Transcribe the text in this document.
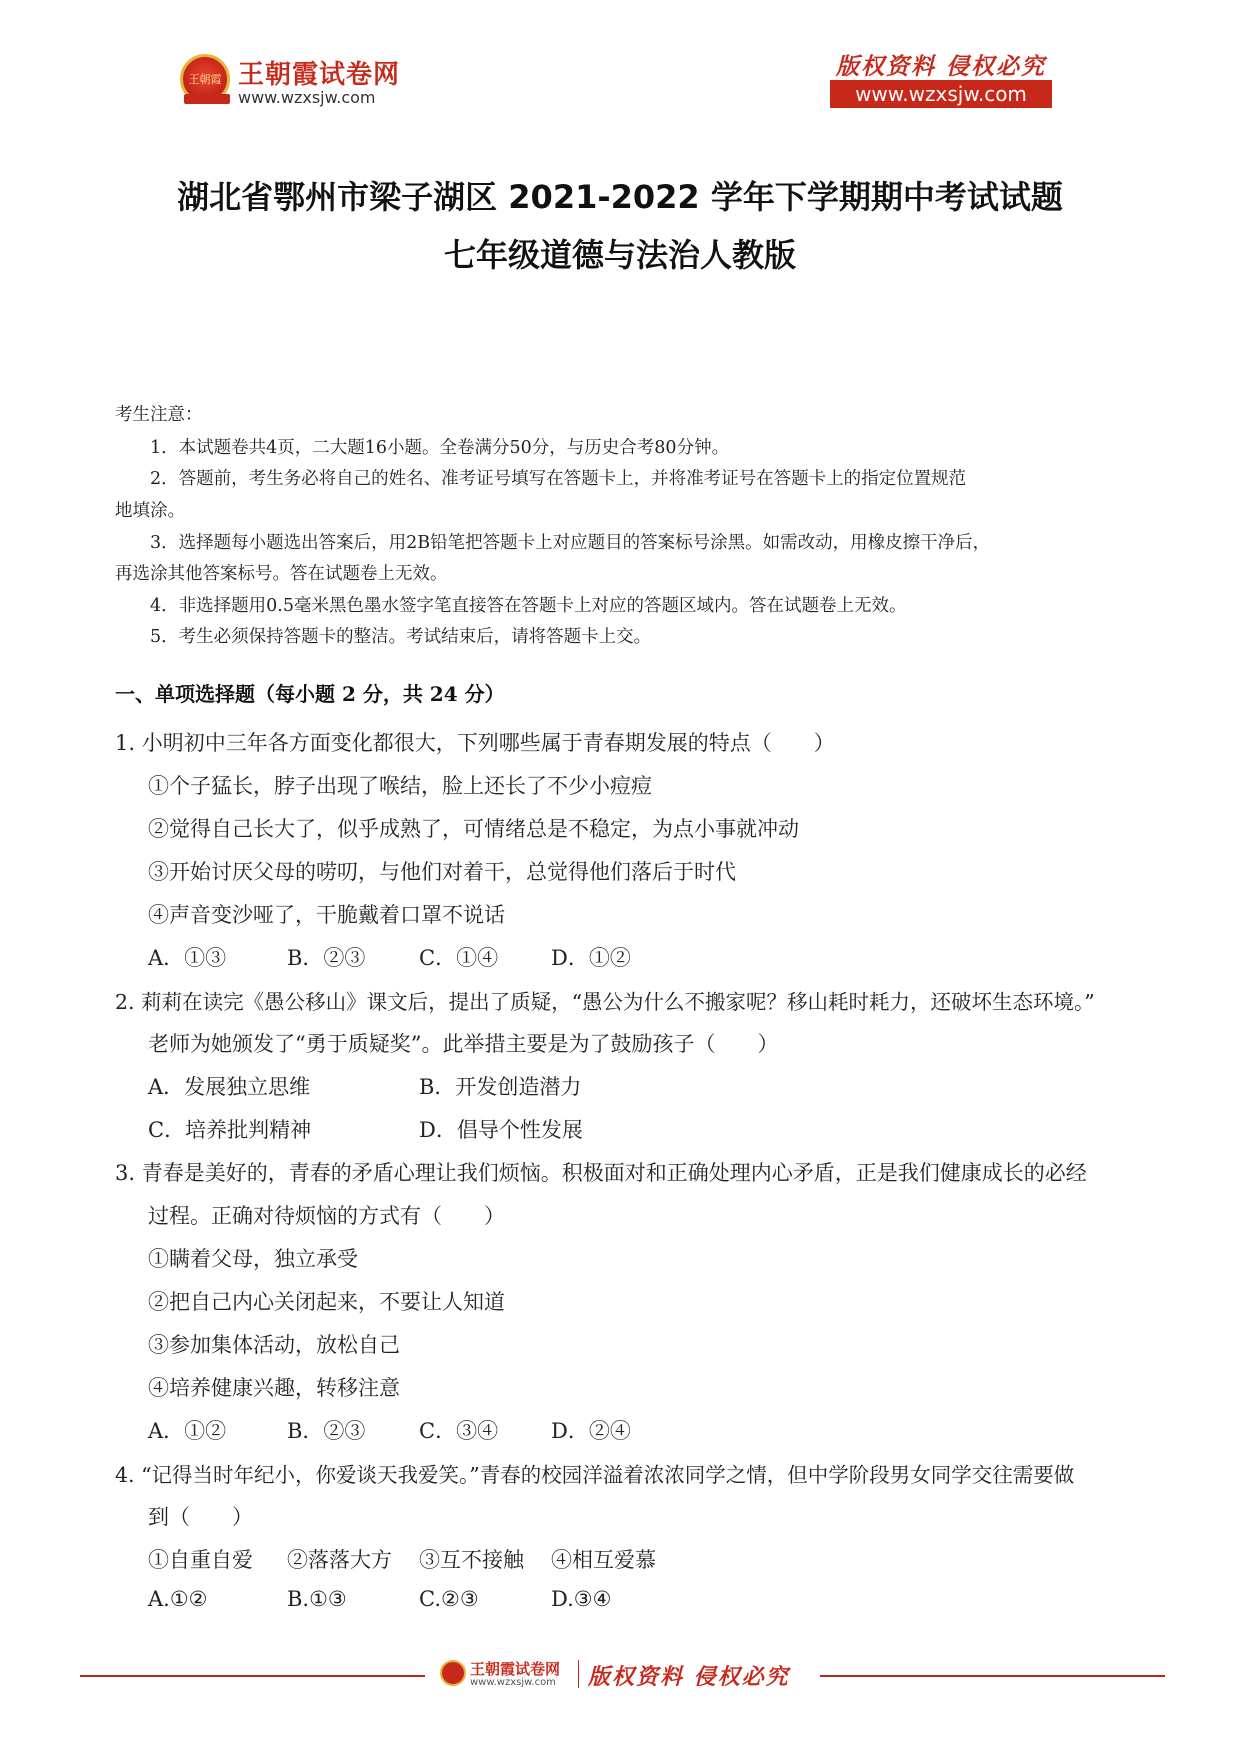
王朝霞 王朝霞试卷网
www.wzxsjw.com
版权资料 侵权必究
www.wzxsjw.com
湖北省鄂州市梁子湖区 2021-2022 学年下学期期中考试试题
七年级道德与法治人教版
考生注意：
1．本试题卷共4页，二大题16小题。全卷满分50分，与历史合考80分钟。
2．答题前，考生务必将自己的姓名、准考证号填写在答题卡上，并将准考证号在答题卡上的指定位置规范
地填涂。
3．选择题每小题选出答案后，用2B铅笔把答题卡上对应题目的答案标号涂黑。如需改动，用橡皮擦干净后，
再选涂其他答案标号。答在试题卷上无效。
4．非选择题用0.5毫米黑色墨水签字笔直接答在答题卡上对应的答题区域内。答在试题卷上无效。
5．考生必须保持答题卡的整洁。考试结束后，请将答题卡上交。
一、单项选择题（每小题 2 分，共 24 分）
1. 小明初中三年各方面变化都很大，下列哪些属于青春期发展的特点（　　）
①个子猛长，脖子出现了喉结，脸上还长了不少小痘痘
②觉得自己长大了，似乎成熟了，可情绪总是不稳定，为点小事就冲动
③开始讨厌父母的唠叨，与他们对着干，总觉得他们落后于时代
④声音变沙哑了，干脆戴着口罩不说话
A．①③	B．②③	C．①④	D．①②
2. 莉莉在读完《愚公移山》课文后，提出了质疑，“愚公为什么不搬家呢？移山耗时耗力，还破坏生态环境。”
老师为她颁发了“勇于质疑奖”。此举措主要是为了鼓励孩子（　　）
A．发展独立思维	B．开发创造潜力
C．培养批判精神	D．倡导个性发展
3. 青春是美好的，青春的矛盾心理让我们烦恼。积极面对和正确处理内心矛盾，正是我们健康成长的必经
过程。正确对待烦恼的方式有（　　）
①瞒着父母，独立承受
②把自己内心关闭起来，不要让人知道
③参加集体活动，放松自己
④培养健康兴趣，转移注意
A．①②	B．②③	C．③④	D．②④
4. “记得当时年纪小，你爱谈天我爱笑。”青春的校园洋溢着浓浓同学之情，但中学阶段男女同学交往需要做
到（　　）
①自重自爱 ②落落大方 ③互不接触 ④相互爱慕
A.①②	B.①③	C.②③	D.③④
王朝霞试卷网
www.wzxsjw.com 版权资料 侵权必究
